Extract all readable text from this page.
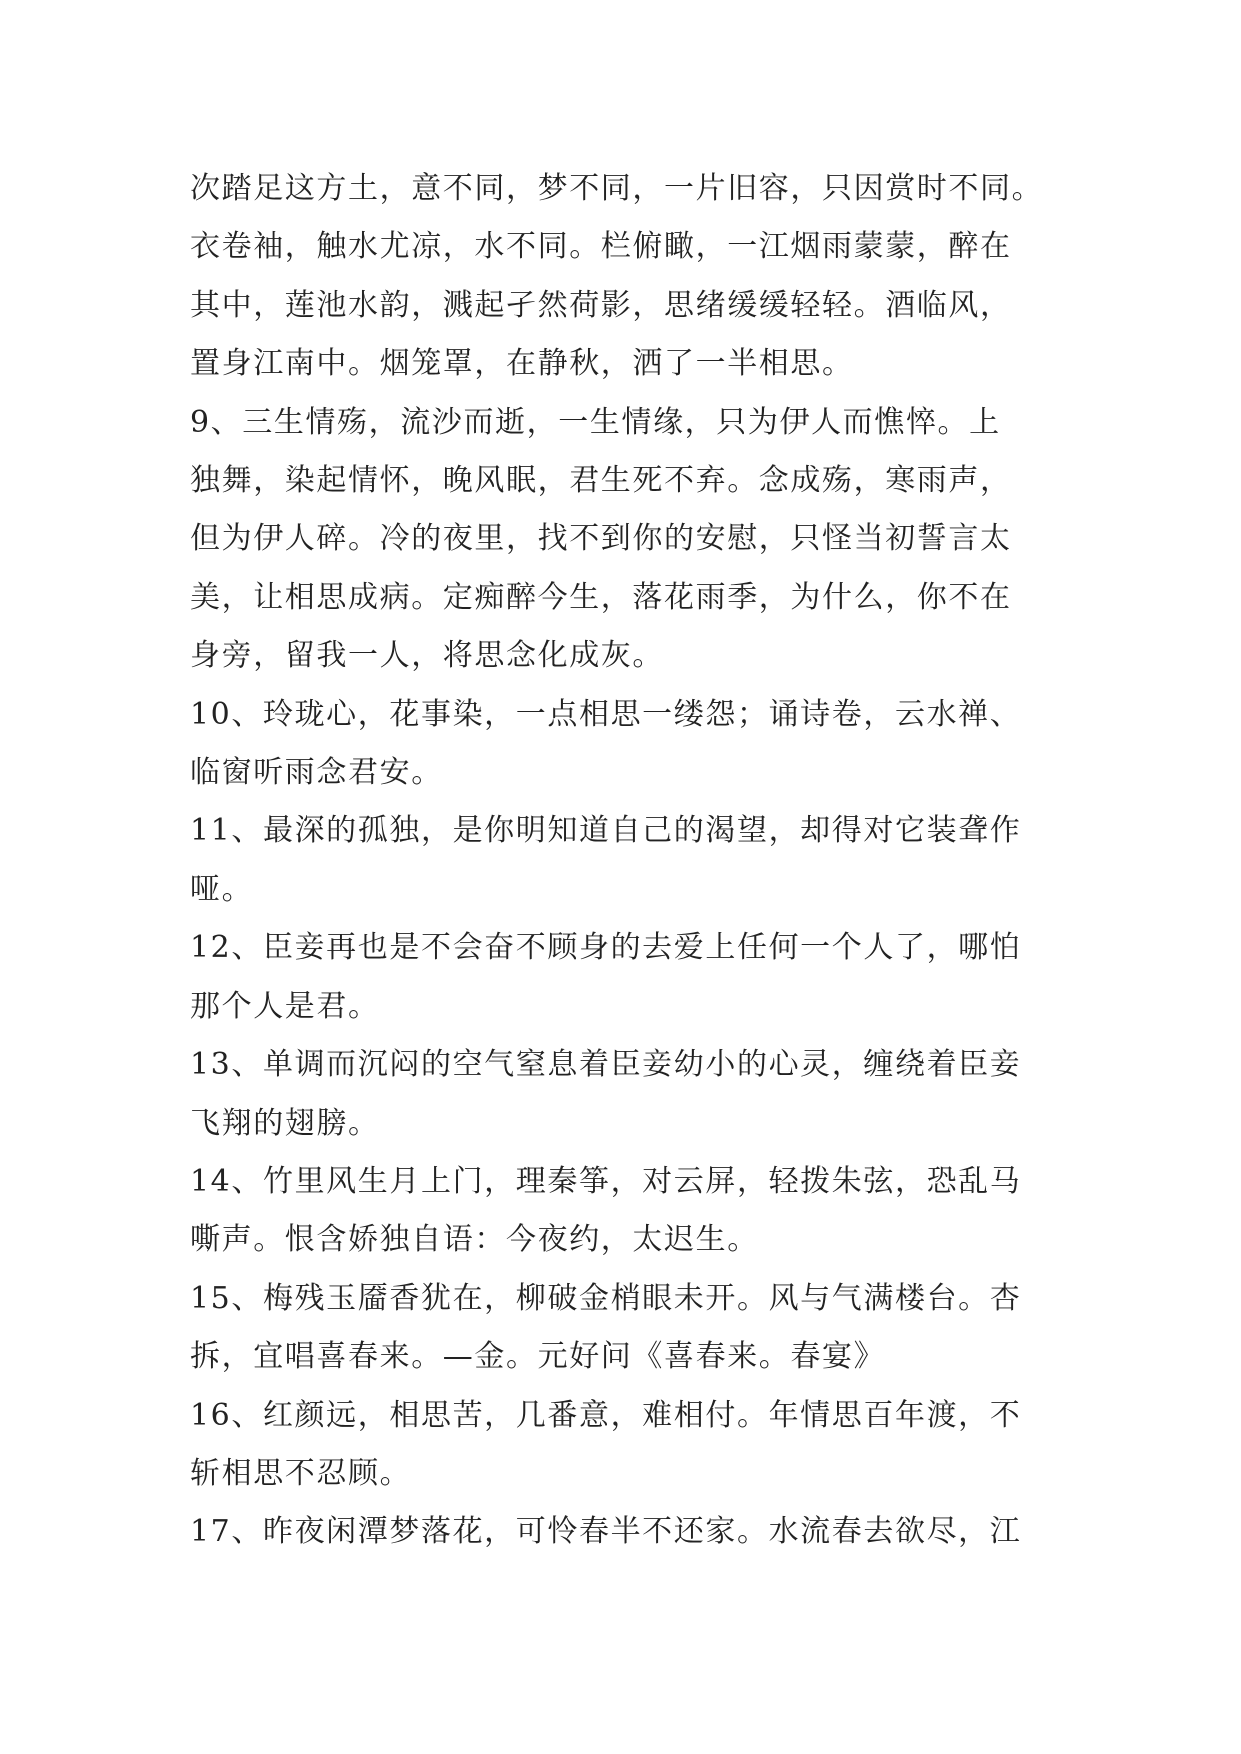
次踏足这方土，意不同，梦不同，一片旧容，只因赏时不同。

衣卷袖，触水尤凉，水不同。栏俯瞰，一江烟雨蒙蒙，醉在

其中，莲池水韵，溅起孑然荷影，思绪缓缓轻轻。酒临风，

置身江南中。烟笼罩，在静秋，洒了一半相思。

9、三生情殇，流沙而逝，一生情缘，只为伊人而憔悴。上

独舞，染起情怀，晚风眠，君生死不弃。念成殇，寒雨声，

但为伊人碎。冷的夜里，找不到你的安慰，只怪当初誓言太

美，让相思成病。定痴醉今生，落花雨季，为什么，你不在

身旁，留我一人，将思念化成灰。

10、玲珑心，花事染，一点相思一缕怨；诵诗卷，云水禅、

临窗听雨念君安。

11、最深的孤独，是你明知道自己的渴望，却得对它装聋作

哑。

12、臣妾再也是不会奋不顾身的去爱上任何一个人了，哪怕

那个人是君。

13、单调而沉闷的空气窒息着臣妾幼小的心灵，缠绕着臣妾

飞翔的翅膀。

14、竹里风生月上门，理秦筝，对云屏，轻拨朱弦，恐乱马

嘶声。恨含娇独自语：今夜约，太迟生。

15、梅残玉靥香犹在，柳破金梢眼未开。风与气满楼台。杏

拆，宜唱喜春来。—金。元好问《喜春来。春宴》

16、红颜远，相思苦，几番意，难相付。年情思百年渡，不

斩相思不忍顾。

17、昨夜闲潭梦落花，可怜春半不还家。水流春去欲尽，江
